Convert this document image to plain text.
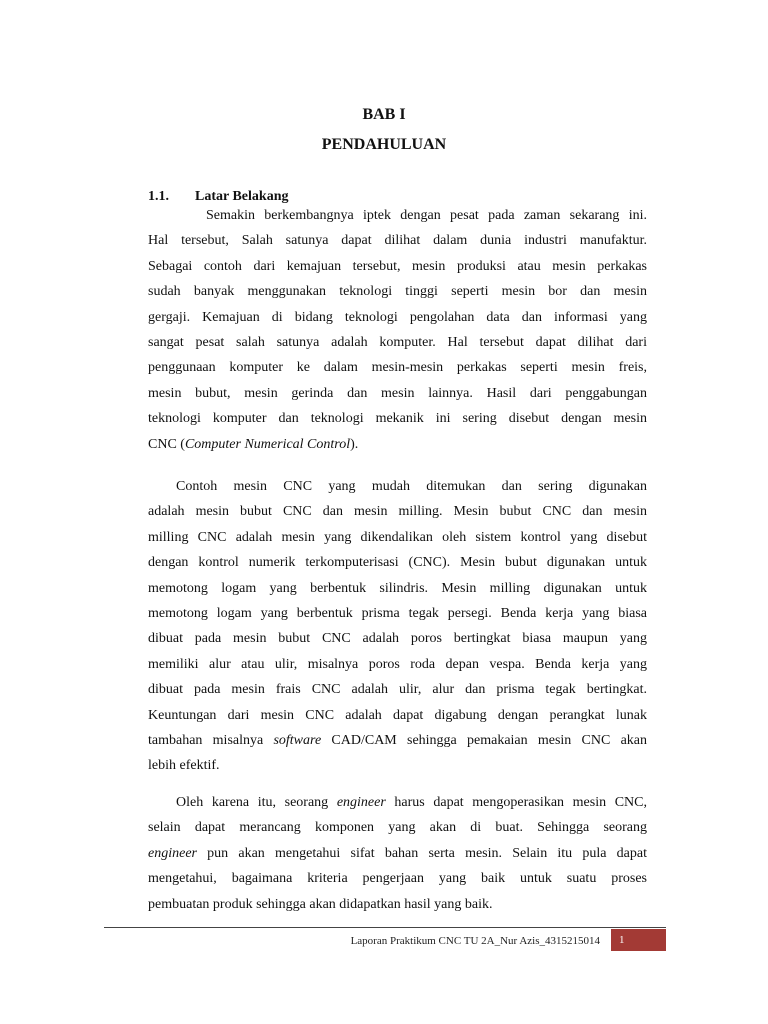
BAB I
PENDAHULUAN
1.1. Latar Belakang
Semakin berkembangnya iptek dengan pesat pada zaman sekarang ini.
Hal tersebut, Salah satunya dapat dilihat dalam dunia industri manufaktur.
Sebagai contoh dari kemajuan tersebut, mesin produksi atau mesin perkakas
sudah banyak menggunakan teknologi tinggi seperti mesin bor dan mesin
gergaji. Kemajuan di bidang teknologi pengolahan data dan informasi yang
sangat pesat salah satunya adalah komputer. Hal tersebut dapat dilihat dari
penggunaan komputer ke dalam mesin-mesin perkakas seperti mesin freis,
mesin bubut, mesin gerinda dan mesin lainnya. Hasil dari penggabungan
teknologi komputer dan teknologi mekanik ini sering disebut dengan mesin
CNC (Computer Numerical Control).
Contoh mesin CNC yang mudah ditemukan dan sering digunakan
adalah mesin bubut CNC dan mesin milling. Mesin bubut CNC dan mesin
milling CNC adalah mesin yang dikendalikan oleh sistem kontrol yang disebut
dengan kontrol numerik terkomputerisasi (CNC). Mesin bubut digunakan untuk
memotong logam yang berbentuk silindris. Mesin milling digunakan untuk
memotong logam yang berbentuk prisma tegak persegi. Benda kerja yang biasa
dibuat pada mesin bubut CNC adalah poros bertingkat biasa maupun yang
memiliki alur atau ulir, misalnya poros roda depan vespa. Benda kerja yang
dibuat pada mesin frais CNC adalah ulir, alur dan prisma tegak bertingkat.
Keuntungan dari mesin CNC adalah dapat digabung dengan perangkat lunak
tambahan misalnya software CAD/CAM sehingga pemakaian mesin CNC akan
lebih efektif.
Oleh karena itu, seorang engineer harus dapat mengoperasikan mesin CNC,
selain dapat merancang komponen yang akan di buat. Sehingga seorang
engineer pun akan mengetahui sifat bahan serta mesin. Selain itu pula dapat
mengetahui, bagaimana kriteria pengerjaan yang baik untuk suatu proses
pembuatan produk sehingga akan didapatkan hasil yang baik.
Laporan Praktikum CNC TU 2A_Nur Azis_4315215014	1
